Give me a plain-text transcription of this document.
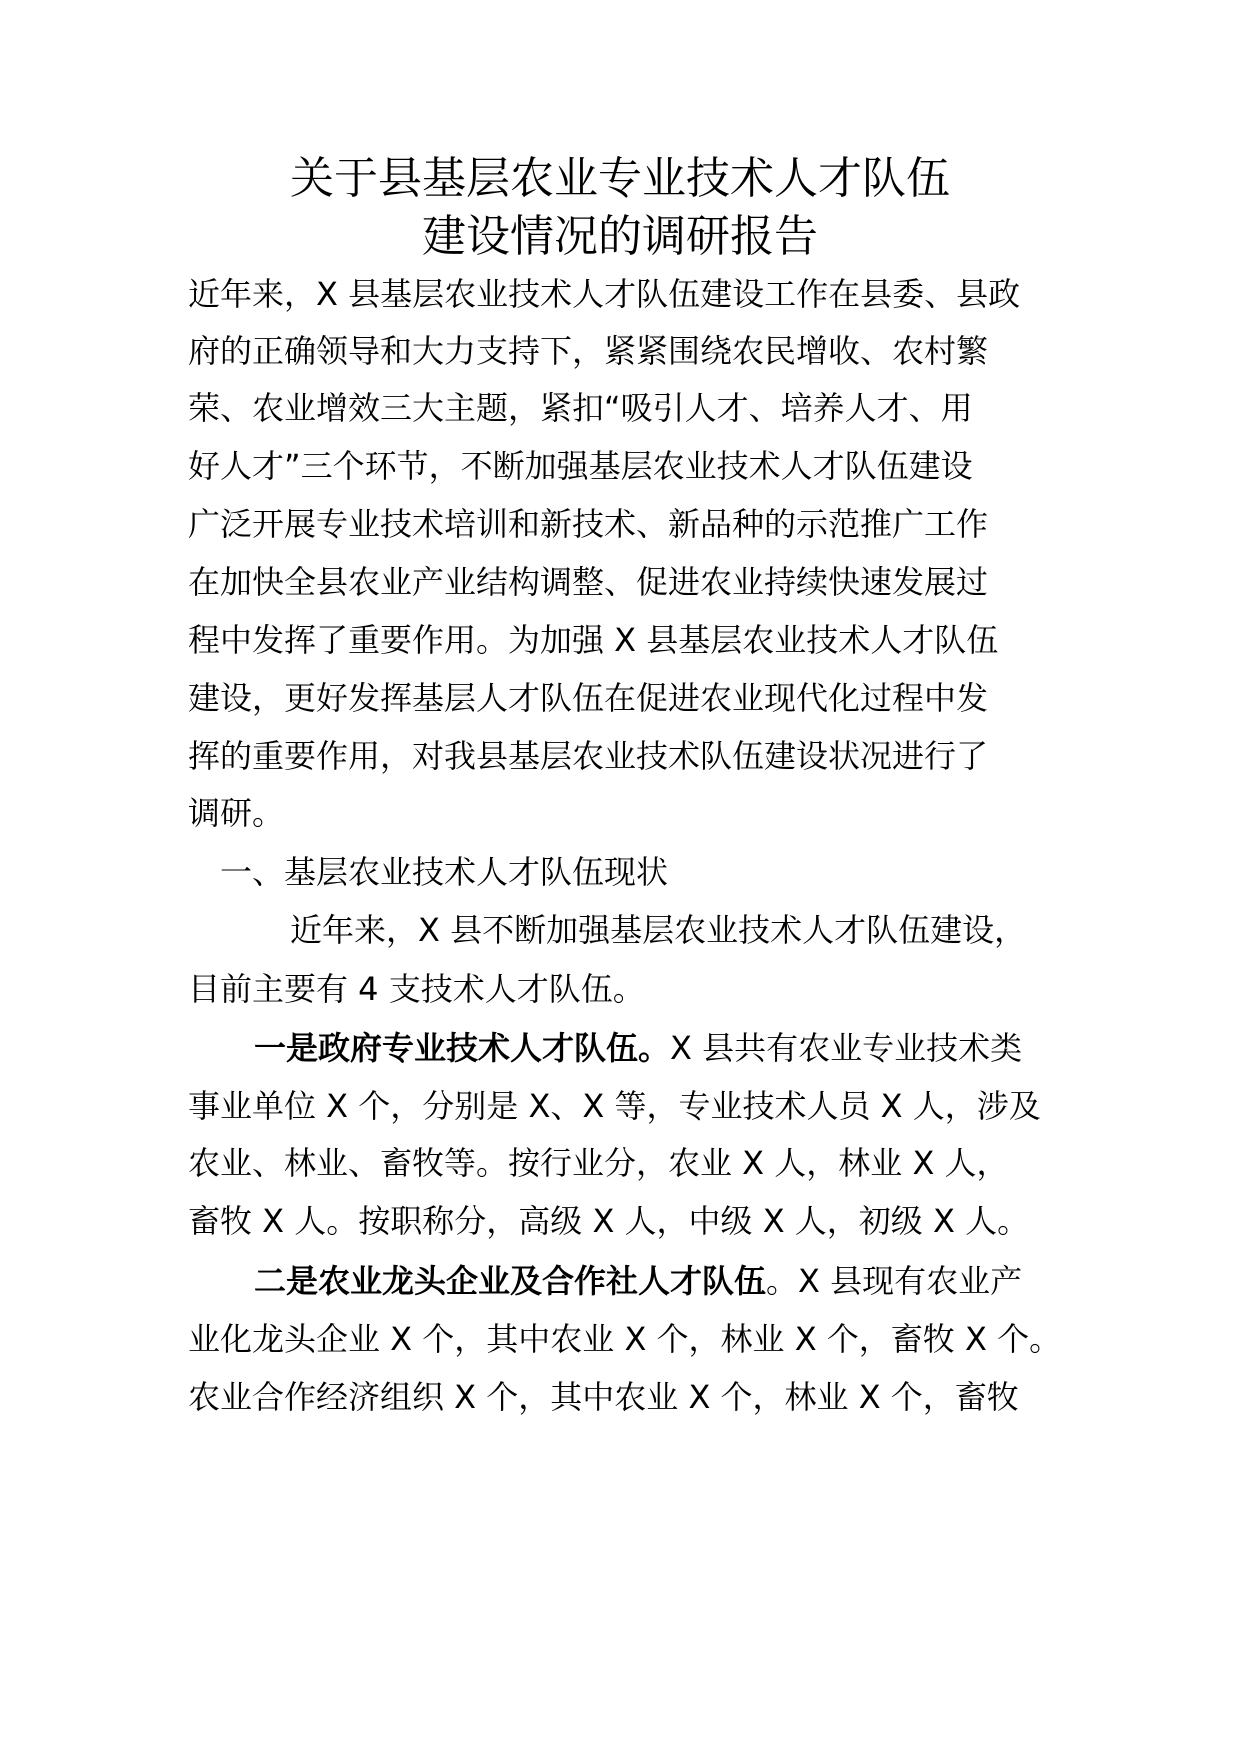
关于县基层农业专业技术人才队伍
建设情况的调研报告
近年来，X 县基层农业技术人才队伍建设工作在县委、县政
府的正确领导和大力支持下，紧紧围绕农民增收、农村繁
荣、农业增效三大主题，紧扣“吸引人才、培养人才、用
好人才”三个环节，不断加强基层农业技术人才队伍建设
广泛开展专业技术培训和新技术、新品种的示范推广工作
在加快全县农业产业结构调整、促进农业持续快速发展过
程中发挥了重要作用。为加强 X 县基层农业技术人才队伍
建设，更好发挥基层人才队伍在促进农业现代化过程中发
挥的重要作用，对我县基层农业技术队伍建设状况进行了
调研。
一、基层农业技术人才队伍现状
近年来，X 县不断加强基层农业技术人才队伍建设，
目前主要有 4 支技术人才队伍。
一是政府专业技术人才队伍。X 县共有农业专业技术类
事业单位 X 个，分别是 X、X 等，专业技术人员 X 人，涉及
农业、林业、畜牧等。按行业分，农业 X 人，林业 X 人，
畜牧 X 人。按职称分，高级 X 人，中级 X 人，初级 X 人。
二是农业龙头企业及合作社人才队伍。X 县现有农业产
业化龙头企业 X 个，其中农业 X 个，林业 X 个，畜牧 X 个。
农业合作经济组织 X 个，其中农业 X 个，林业 X 个，畜牧
